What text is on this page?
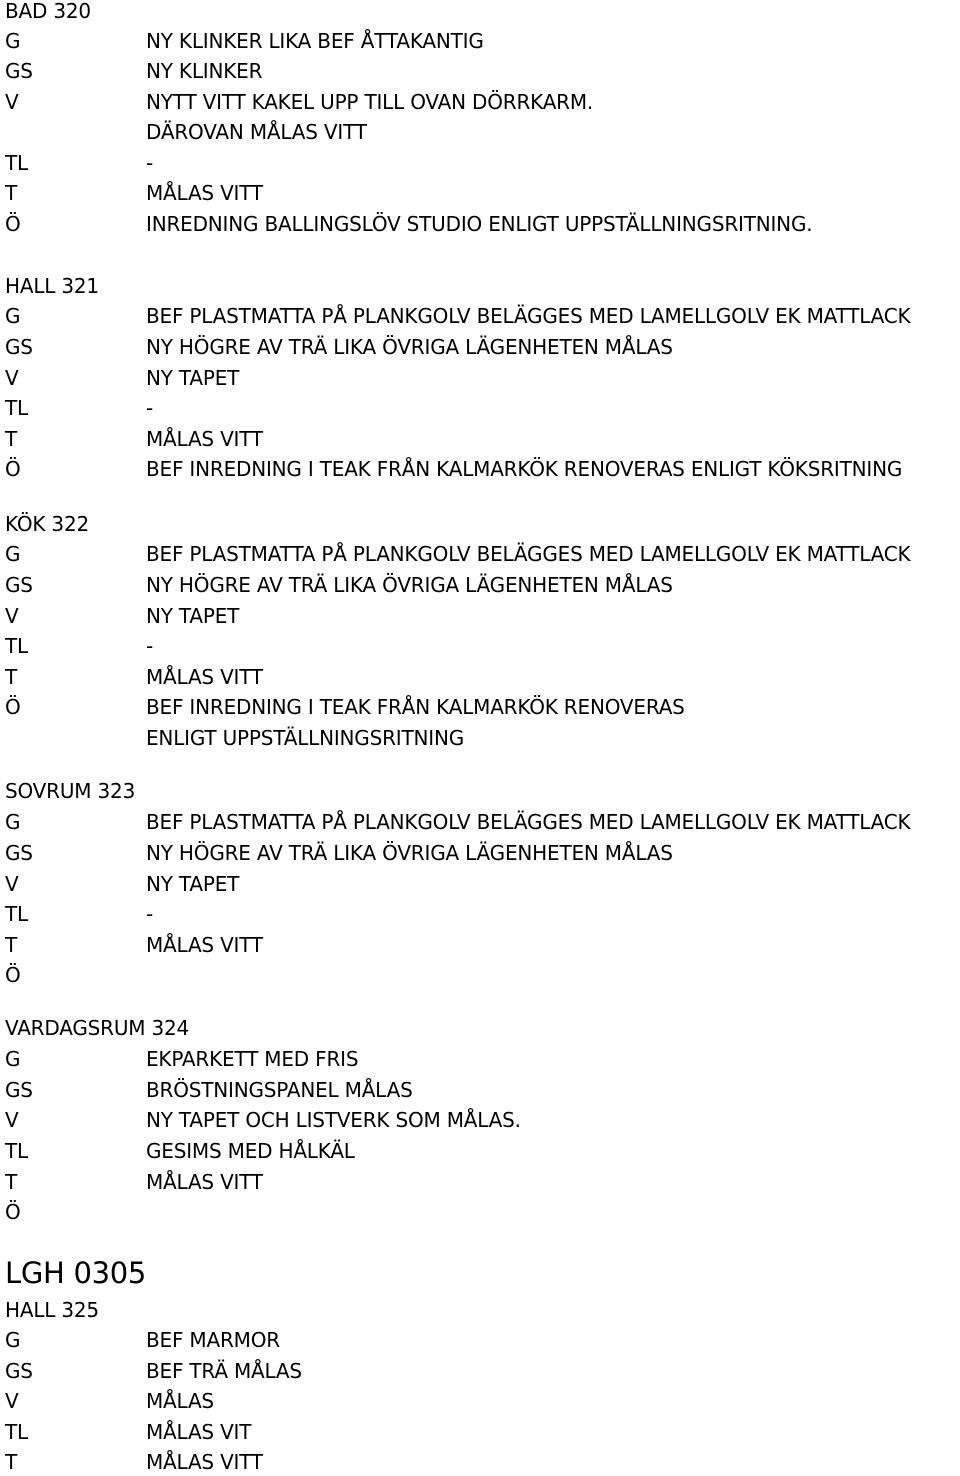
BAD 320
G	NY KLINKER LIKA BEF ÅTTAKANTIG
GS	NY KLINKER
V	NYTT VITT KAKEL UPP TILL OVAN DÖRRKARM.
DÄROVAN MÅLAS VITT
TL	-
T	MÅLAS VITT
Ö	INREDNING BALLINGSLÖV STUDIO ENLIGT UPPSTÄLLNINGSRITNING.
HALL 321
G	BEF PLASTMATTA PÅ PLANKGOLV BELÄGGES MED LAMELLGOLV EK MATTLACK
GS	NY HÖGRE AV TRÄ LIKA ÖVRIGA LÄGENHETEN MÅLAS
V	NY TAPET
TL	-
T	MÅLAS VITT
Ö	BEF INREDNING I TEAK FRÅN KALMARKÖK RENOVERAS ENLIGT KÖKSRITNING
KÖK 322
G	BEF PLASTMATTA PÅ PLANKGOLV BELÄGGES MED LAMELLGOLV EK MATTLACK
GS	NY HÖGRE AV TRÄ LIKA ÖVRIGA LÄGENHETEN MÅLAS
V	NY TAPET
TL	-
T	MÅLAS VITT
Ö	BEF INREDNING I TEAK FRÅN KALMARKÖK RENOVERAS
ENLIGT UPPSTÄLLNINGSRITNING
SOVRUM 323
G	BEF PLASTMATTA PÅ PLANKGOLV BELÄGGES MED LAMELLGOLV EK MATTLACK
GS	NY HÖGRE AV TRÄ LIKA ÖVRIGA LÄGENHETEN MÅLAS
V	NY TAPET
TL	-
T	MÅLAS VITT
Ö
VARDAGSRUM 324
G	EKPARKETT MED FRIS
GS	BRÖSTNINGSPANEL MÅLAS
V	NY TAPET OCH LISTVERK SOM MÅLAS.
TL	GESIMS MED HÅLKÄL
T	MÅLAS VITT
Ö
LGH 0305
HALL 325
G	BEF MARMOR
GS	BEF TRÄ MÅLAS
V	MÅLAS
TL	MÅLAS VIT
T	MÅLAS VITT
